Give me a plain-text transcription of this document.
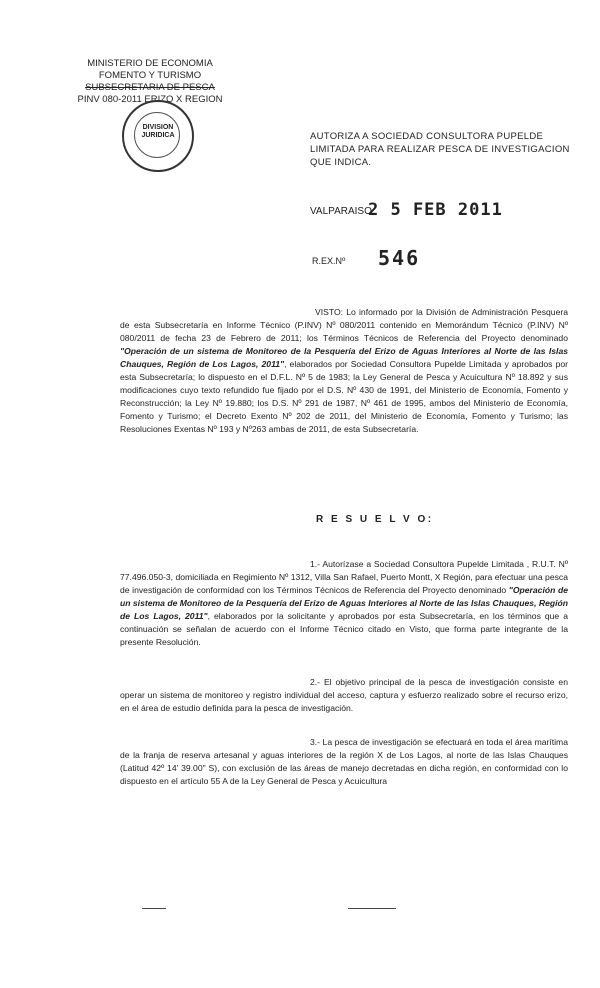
MINISTERIO DE ECONOMIA
FOMENTO Y TURISMO
SUBSECRETARIA DE PESCA
PINV 080-2011 ERIZO X REGION
DIVISION
JURIDICA	AUTORIZA A SOCIEDAD CONSULTORA PUPELDE LIMITADA PARA REALIZAR PESCA DE INVESTIGACION QUE INDICA.
VALPARAISO,
2 5 FEB 2011
R.EX.Nº 546
VISTO: Lo informado por la División de Administración Pesquera de esta Subsecretaría en Informe Técnico (P.INV) Nº 080/2011 contenido en Memorándum Técnico (P.INV) Nº 080/2011 de fecha 23 de Febrero de 2011; los Términos Técnicos de Referencia del Proyecto denominado "Operación de un sistema de Monitoreo de la Pesquería del Erizo de Aguas Interiores al Norte de las Islas Chauques, Región de Los Lagos, 2011", elaborados por Sociedad Consultora Pupelde Limitada y aprobados por esta Subsecretaría; lo dispuesto en el D.F.L. Nº 5 de 1983; la Ley General de Pesca y Acuicultura Nº 18.892 y sus modificaciones cuyo texto refundido fue fijado por el D.S. Nº 430 de 1991, del Ministerio de Economía, Fomento y Reconstrucción; la Ley Nº 19.880; los D.S. Nº 291 de 1987, Nº 461 de 1995, ambos del Ministerio de Economía, Fomento y Turismo; el Decreto Exento Nº 202 de 2011, del Ministerio de Economía, Fomento y Turismo; las Resoluciones Exentas Nº 193 y Nº263 ambas de 2011, de esta Subsecretaría.
R E S U E L V O:
1.- Autorízase a Sociedad Consultora Pupelde Limitada , R.U.T. Nº 77.496.050-3, domiciliada en Regimiento Nº 1312, Villa San Rafael, Puerto Montt, X Región, para efectuar una pesca de investigación de conformidad con los Términos Técnicos de Referencia del Proyecto denominado "Operación de un sistema de Monitoreo de la Pesquería del Erizo de Aguas Interiores al Norte de las Islas Chauques, Región de Los Lagos, 2011", elaborados por la solicitante y aprobados por esta Subsecretaría, en los términos que a continuación se señalan de acuerdo con el Informe Técnico citado en Visto, que forma parte integrante de la presente Resolución.
2.- El objetivo principal de la pesca de investigación consiste en operar un sistema de monitoreo y registro individual del acceso, captura y esfuerzo realizado sobre el recurso erizo, en el área de estudio definida para la pesca de investigación.
3.- La pesca de investigación se efectuará en toda el área marítima de la franja de reserva artesanal y aguas interiores de la región X de Los Lagos, al norte de las Islas Chauques (Latitud 42º 14' 39.00" S), con exclusión de las áreas de manejo decretadas en dicha región, en conformidad con lo dispuesto en el artículo 55 A de la Ley General de Pesca y Acuicultura
